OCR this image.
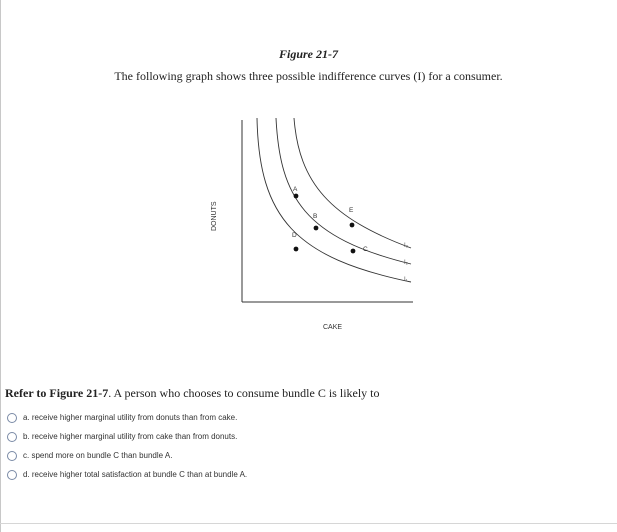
Figure 21-7
The following graph shows three possible indifference curves (I) for a consumer.
A
B
D
E
C	I₃
I₂
I₁
DONUTS
CAKE
Refer to Figure 21-7. A person who chooses to consume bundle C is likely to
a. receive higher marginal utility from donuts than from cake.
b. receive higher marginal utility from cake than from donuts.
c. spend more on bundle C than bundle A.
d. receive higher total satisfaction at bundle C than at bundle A.
